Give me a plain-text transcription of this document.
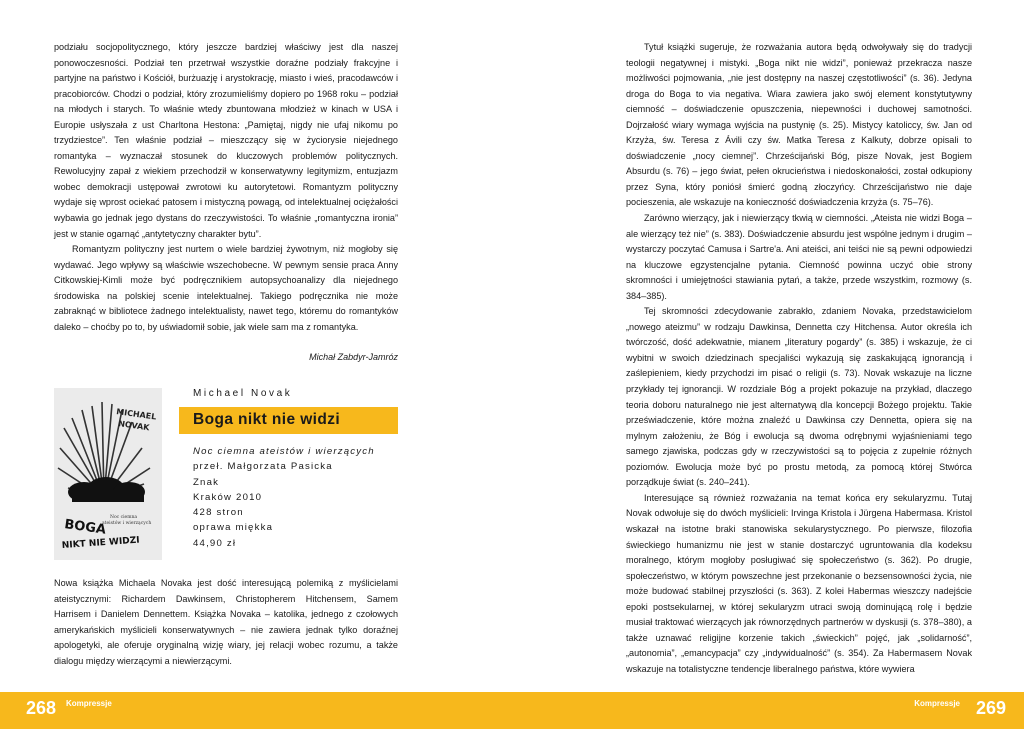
podziału socjopolitycznego, który jeszcze bardziej właściwy jest dla naszej ponowoczesności. Podział ten przetrwał wszystkie doraźne podziały frakcyjne i partyjne na państwo i Kościół, burżuazję i arystokrację, miasto i wieś, pracodawców i pracobiorców. Chodzi o podział, który zrozumieliśmy dopiero po 1968 roku – podział na młodych i starych. To właśnie wtedy zbuntowana młodzież w kinach w USA i Europie usłyszała z ust Charltona Hestona: „Pamiętaj, nigdy nie ufaj nikomu po trzydziestce”. Ten właśnie podział – mieszczący się w życiorysie niejednego romantyka – wyznaczał stosunek do kluczowych problemów politycznych. Rewolucyjny zapał z wiekiem przechodził w konserwatywny legitymizm, entuzjazm wobec demokracji ustępował zwrotowi ku autorytetowi. Romantyzm polityczny wydaje się wprost ociekać patosem i mistyczną powagą, od intelektualnej ociężałości wybawia go jednak jego dystans do rzeczywistości. To właśnie „romantyczna ironia” jest w stanie ogarnąć „antytetyczny charakter bytu”.

Romantyzm polityczny jest nurtem o wiele bardziej żywotnym, niż mogłoby się wydawać. Jego wpływy są właściwie wszechobecne. W pewnym sensie praca Anny Citkowskiej-Kimli może być podręcznikiem autopsychoanalizy dla niejednego środowiska na polskiej scenie intelektualnej. Takiego podręcznika nie może zabraknąć w bibliotece żadnego intelektualisty, nawet tego, któremu do romantyków daleko – choćby po to, by uświadomił sobie, jak wiele sam ma z romantyka.

Michał Zabdyr-Jamróz
MICHAEL
NOVAK
BOGA
NIKT NIE WIDZI
Noc ciemna
ateistów i wierzących
Michael Novak
Boga nikt nie widzi
Noc ciemna ateistów i wierzących
przeł. Małgorzata Pasicka
Znak
Kraków 2010
428 stron
oprawa miękka
44,90 zł

Nowa książka Michaela Novaka jest dość interesującą polemiką z myślicielami ateistycznymi: Richardem Dawkinsem, Christopherem Hitchensem, Samem Harrisem i Danielem Dennettem. Książka Novaka – katolika, jednego z czołowych amerykańskich myślicieli konserwatywnych – nie zawiera jednak tylko doraźnej apologetyki, ale oferuje oryginalną wizję wiary, jej relacji wobec rozumu, a także dialogu między wierzącymi a niewierzącymi.

Tytuł książki sugeruje, że rozważania autora będą odwoływały się do tradycji teologii negatywnej i mistyki. „Boga nikt nie widzi”, ponieważ przekracza nasze możliwości pojmowania, „nie jest dostępny na naszej częstotliwości” (s. 36). Jedyna droga do Boga to via negativa. Wiara zawiera jako swój element konstytutywny ciemność – doświadczenie opuszczenia, niepewności i duchowej samotności. Dojrzałość wiary wymaga wyjścia na pustynię (s. 25). Mistycy katoliccy, św. Jan od Krzyża, św. Teresa z Ávili czy św. Matka Teresa z Kalkuty, dobrze opisali to doświadczenie „nocy ciemnej”. Chrześcijański Bóg, pisze Novak, jest Bogiem Absurdu (s. 76) – jego świat, pełen okrucieństwa i niedoskonałości, został odkupiony przez Syna, który poniósł śmierć godną złoczyńcy. Chrześcijaństwo nie daje pocieszenia, ale wskazuje na konieczność doświadczenia krzyża (s. 75–76).

Zarówno wierzący, jak i niewierzący tkwią w ciemności. „Ateista nie widzi Boga – ale wierzący też nie” (s. 383). Doświadczenie absurdu jest wspólne jednym i drugim – wystarczy poczytać Camusa i Sartre'a. Ani ateiści, ani teiści nie są pewni odpowiedzi na kluczowe egzystencjalne pytania. Ciemność powinna uczyć obie strony skromności i umiejętności stawiania pytań, a także, przede wszystkim, rozmowy (s. 384–385).

Tej skromności zdecydowanie zabrakło, zdaniem Novaka, przedstawicielom „nowego ateizmu” w rodzaju Dawkinsa, Dennetta czy Hitchensa. Autor określa ich twórczość, dość adekwatnie, mianem „literatury pogardy” (s. 385) i wskazuje, że ci wybitni w swoich dziedzinach specjaliści wykazują się zaskakującą ignorancją i zaślepieniem, kiedy przychodzi im pisać o religii (s. 73). Novak wskazuje na liczne przykłady tej ignorancji. W rozdziale Bóg a projekt pokazuje na przykład, dlaczego teoria doboru naturalnego nie jest alternatywą dla koncepcji Bożego projektu. Takie przeświadczenie, które można znaleźć u Dawkinsa czy Dennetta, opiera się na mylnym założeniu, że Bóg i ewolucja są dwoma odrębnymi wyjaśnieniami tego samego zjawiska, podczas gdy w rzeczywistości są to pojęcia z zupełnie różnych poziomów. Ewolucja może być po prostu metodą, za pomocą której Stwórca porządkuje świat (s. 240–241).

Interesujące są również rozważania na temat końca ery sekularyzmu. Tutaj Novak odwołuje się do dwóch myślicieli: Irvinga Kristola i Jürgena Habermasa. Kristol wskazał na istotne braki stanowiska sekularystycznego. Po pierwsze, filozofia świeckiego humanizmu nie jest w stanie dostarczyć ugruntowania dla kodeksu moralnego, którym mogłoby posługiwać się społeczeństwo (s. 362). Po drugie, społeczeństwo, w którym powszechne jest przekonanie o bezsensowności życia, nie może budować stabilnej przyszłości (s. 363). Z kolei Habermas wieszczy nadejście epoki postsekularnej, w której sekularyzm utraci swoją dominującą rolę i będzie musiał traktować wierzących jak równorzędnych partnerów w dyskusji (s. 378–380), a także uznawać religijne korzenie takich „świeckich” pojęć, jak „solidarność”, „autonomia”, „emancypacja” czy „indywidualność” (s. 354). Za Habermasem Novak wskazuje na totalistyczne tendencje liberalnego państwa, które wywiera

268 Kompressje	Kompressje 269
